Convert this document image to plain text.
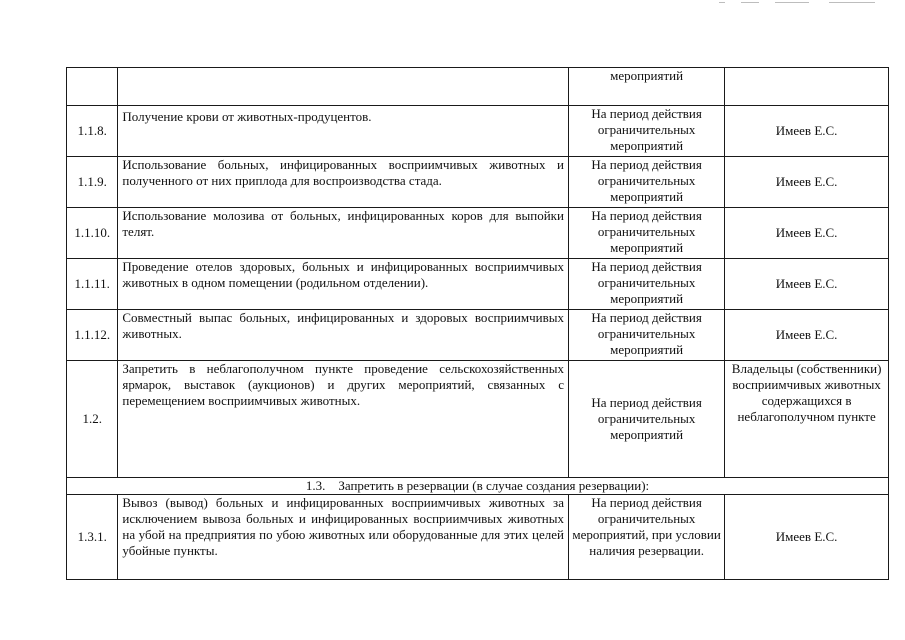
		мероприятий	
1.1.8.	Получение крови от животных-продуцентов.	На период действия ограничительных мероприятий	Имеев Е.С.
1.1.9.	Использование больных, инфицированных восприимчивых животных и полученного от них приплода для воспроизводства стада.	На период действия ограничительных мероприятий	Имеев Е.С.
1.1.10.	Использование молозива от больных, инфицированных коров для выпойки телят.	На период действия ограничительных мероприятий	Имеев Е.С.
1.1.11.	Проведение отелов здоровых, больных и инфицированных восприимчивых животных в одном помещении (родильном отделении).	На период действия ограничительных мероприятий	Имеев Е.С.
1.1.12.	Совместный выпас больных, инфицированных и здоровых восприимчивых животных.	На период действия ограничительных мероприятий	Имеев Е.С.
1.2.	Запретить в неблагополучном пункте проведение сельскохозяйственных ярмарок, выставок (аукционов) и других мероприятий, связанных с перемещением восприимчивых животных.	На период действия ограничительных мероприятий	Владельцы (собственники) восприимчивых животных содержащихся в неблагополучном пункте
1.3. Запретить в резервации (в случае создания резервации):			
1.3.1.	Вывоз (вывод) больных и инфицированных восприимчивых животных за исключением вывоза больных и инфицированных восприимчивых животных на убой на предприятия по убою животных или оборудованные для этих целей убойные пункты.	На период действия ограничительных мероприятий, при условии наличия резервации.	Имеев Е.С.
